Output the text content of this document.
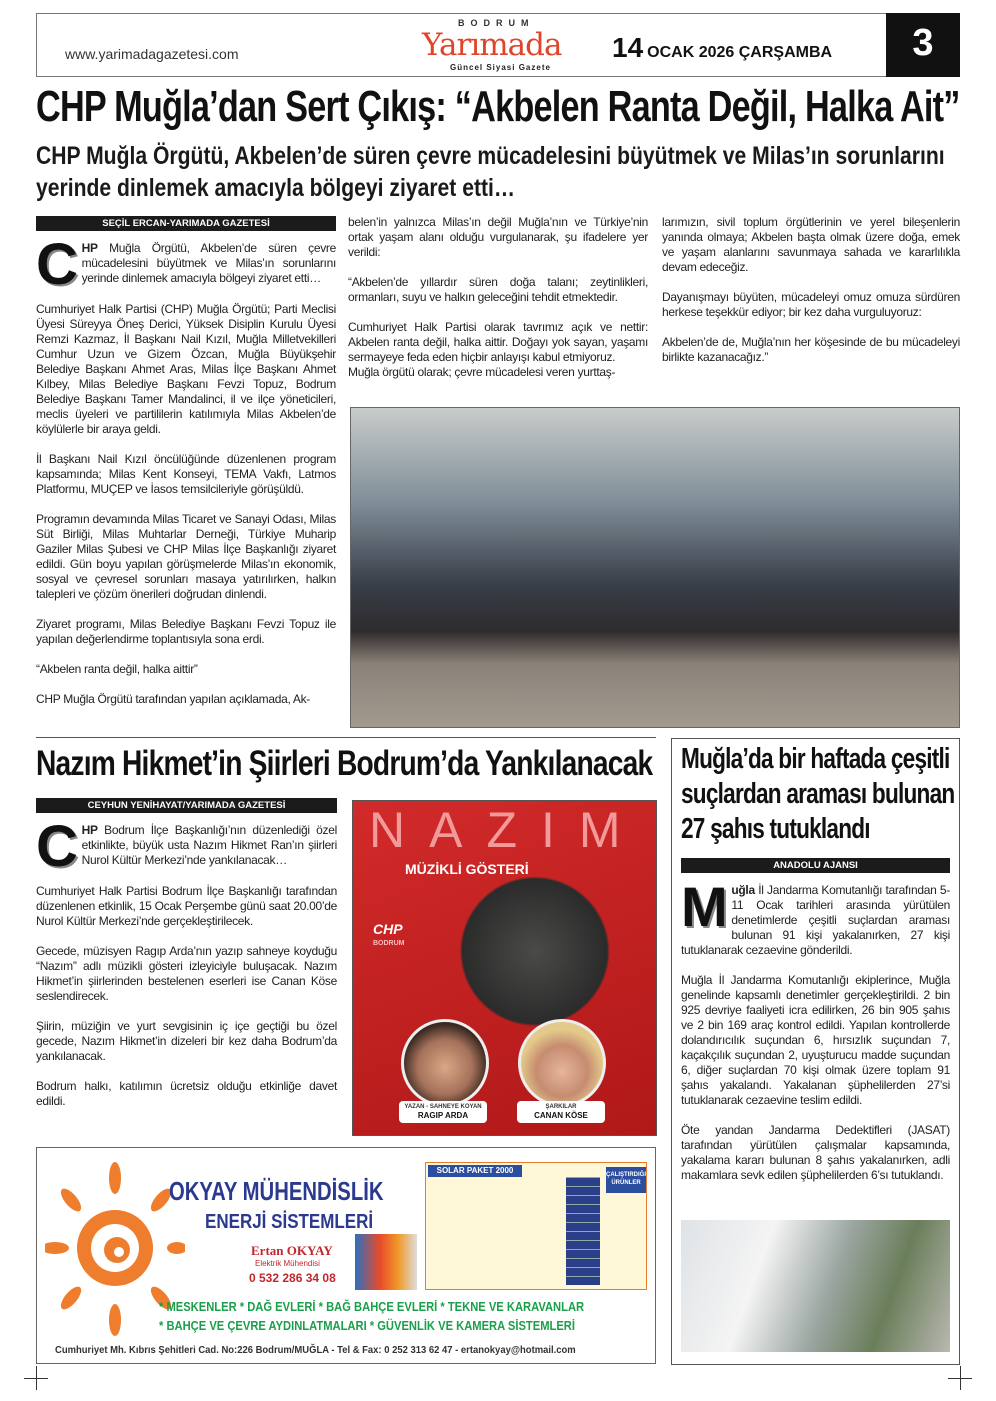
www.yarimadagazetesi.com
BODRUM
Yarımada
Güncel Siyasi Gazete
14 OCAK 2026 ÇARŞAMBA	3
CHP Muğla’dan Sert Çıkış: “Akbelen Ranta Değil, Halka Ait”
CHP Muğla Örgütü, Akbelen’de süren çevre mücadelesini büyütmek ve Milas’ın sorunlarını yerinde dinlemek amacıyla bölgeyi ziyaret etti…
SEÇİL ERCAN-YARIMADA GAZETESİ
CHP Muğla Örgütü, Akbelen’de süren çevre mücadelesini büyütmek ve Milas’ın sorunlarını yerinde dinlemek amacıyla bölgeyi ziyaret etti…

Cumhuriyet Halk Partisi (CHP) Muğla Örgütü; Parti Meclisi Üyesi Süreyya Öneş Derici, Yüksek Disiplin Kurulu Üyesi Remzi Kazmaz, İl Başkanı Nail Kızıl, Muğla Milletvekilleri Cumhur Uzun ve Gizem Özcan, Muğla Büyükşehir Belediye Başkanı Ahmet Aras, Milas İlçe Başkanı Ahmet Kılbey, Milas Belediye Başkanı Fevzi Topuz, Bodrum Belediye Başkanı Tamer Mandalinci, il ve ilçe yöneticileri, meclis üyeleri ve partililerin katılımıyla Milas Akbelen’de köylülerle bir araya geldi.

İl Başkanı Nail Kızıl öncülüğünde düzenlenen program kapsamında; Milas Kent Konseyi, TEMA Vakfı, Latmos Platformu, MUÇEP ve İasos temsilcileriyle görüşüldü.

Programın devamında Milas Ticaret ve Sanayi Odası, Milas Süt Birliği, Milas Muhtarlar Derneği, Türkiye Muharip Gaziler Milas Şubesi ve CHP Milas İlçe Başkanlığı ziyaret edildi. Gün boyu yapılan görüşmelerde Milas’ın ekonomik, sosyal ve çevresel sorunları masaya yatırılırken, halkın talepleri ve çözüm önerileri doğrudan dinlendi.

Ziyaret programı, Milas Belediye Başkanı Fevzi Topuz ile yapılan değerlendirme toplantısıyla sona erdi.

“Akbelen ranta değil, halka aittir”

CHP Muğla Örgütü tarafından yapılan açıklamada, Ak-

belen’in yalnızca Milas’ın değil Muğla’nın ve Türkiye’nin ortak yaşam alanı olduğu vurgulanarak, şu ifadelere yer verildi:

“Akbelen’de yıllardır süren doğa talanı; zeytinlikleri, ormanları, suyu ve halkın geleceğini tehdit etmektedir.

Cumhuriyet Halk Partisi olarak tavrımız açık ve nettir: Akbelen ranta değil, halka aittir. Doğayı yok sayan, yaşamı sermayeye feda eden hiçbir anlayışı kabul etmiyoruz.

Muğla örgütü olarak; çevre mücadelesi veren yurttaş-

larımızın, sivil toplum örgütlerinin ve yerel bileşenlerin yanında olmaya; Akbelen başta olmak üzere doğa, emek ve yaşam alanlarını savunmaya sahada ve kararlılıkla devam edeceğiz.

Dayanışmayı büyüten, mücadeleyi omuz omuza sürdüren herkese teşekkür ediyor; bir kez daha vurguluyoruz:

Akbelen’de de, Muğla’nın her köşesinde de bu mücadeleyi birlikte kazanacağız.”

Nazım Hikmet’in Şiirleri Bodrum’da Yankılanacak
CEYHUN YENİHAYAT/YARIMADA GAZETESİ
CHP Bodrum İlçe Başkanlığı’nın düzenlediği özel etkinlikte, büyük usta Nazım Hikmet Ran’ın şiirleri Nurol Kültür Merkezi’nde yankılanacak…

Cumhuriyet Halk Partisi Bodrum İlçe Başkanlığı tarafından düzenlenen etkinlik, 15 Ocak Perşembe günü saat 20.00’de Nurol Kültür Merkezi’nde gerçekleştirilecek.

Gecede, müzisyen Ragıp Arda’nın yazıp sahneye koyduğu “Nazım” adlı müzikli gösteri izleyiciyle buluşacak. Nazım Hikmet’in şiirlerinden bestelenen eserleri ise Canan Köse seslendirecek.

Şiirin, müziğin ve yurt sevgisinin iç içe geçtiği bu özel gecede, Nazım Hikmet’in dizeleri bir kez daha Bodrum’da yankılanacak.

Bodrum halkı, katılımın ücretsiz olduğu etkinliğe davet edildi.

NAZIM
MÜZİKLİ GÖSTERİ
CHP
BODRUM
YAZAN - SAHNEYE KOYAN
RAGIP ARDA
ŞARKILAR
CANAN KÖSE
Muğla’da bir haftada çeşitli suçlardan araması bulunan 27 şahıs tutuklandı
ANADOLU AJANSI
Muğla İl Jandarma Komutanlığı tarafından 5-11 Ocak tarihleri arasında yürütülen denetimlerde çeşitli suçlardan araması bulunan 91 kişi yakalanırken, 27 kişi tutuklanarak cezaevine gönderildi.

Muğla İl Jandarma Komutanlığı ekiplerince, Muğla genelinde kapsamlı denetimler gerçekleştirildi. 2 bin 925 devriye faaliyeti icra edilirken, 26 bin 905 şahıs ve 2 bin 169 araç kontrol edildi. Yapılan kontrollerde dolandırıcılık suçundan 6, hırsızlık suçundan 7, kaçakçılık suçundan 2, uyuşturucu madde suçundan 6, diğer suçlardan 70 kişi olmak üzere toplam 91 şahıs yakalandı. Yakalanan şüphelilerden 27’si tutuklanarak cezaevine teslim edildi.

Öte yandan Jandarma Dedektifleri (JASAT) tarafından yürütülen çalışmalar kapsamında, yakalama kararı bulunan 8 şahıs yakalanırken, adli makamlara sevk edilen şüphelilerden 6’sı tutuklandı.

OKYAY MÜHENDİSLİK
ENERJİ SİSTEMLERİ
Ertan OKYAY
Elektrik Mühendisi
0 532 286 34 08
SOLAR PAKET 2000	ÇALIŞTIRDIĞI ÜRÜNLER
* MESKENLER * DAĞ EVLERİ * BAĞ BAHÇE EVLERİ * TEKNE VE KARAVANLAR
* BAHÇE VE ÇEVRE AYDINLATMALARI * GÜVENLİK VE KAMERA SİSTEMLERİ
Cumhuriyet Mh. Kıbrıs Şehitleri Cad. No:226 Bodrum/MUĞLA - Tel & Fax: 0 252 313 62 47 - ertanokyay@hotmail.com
